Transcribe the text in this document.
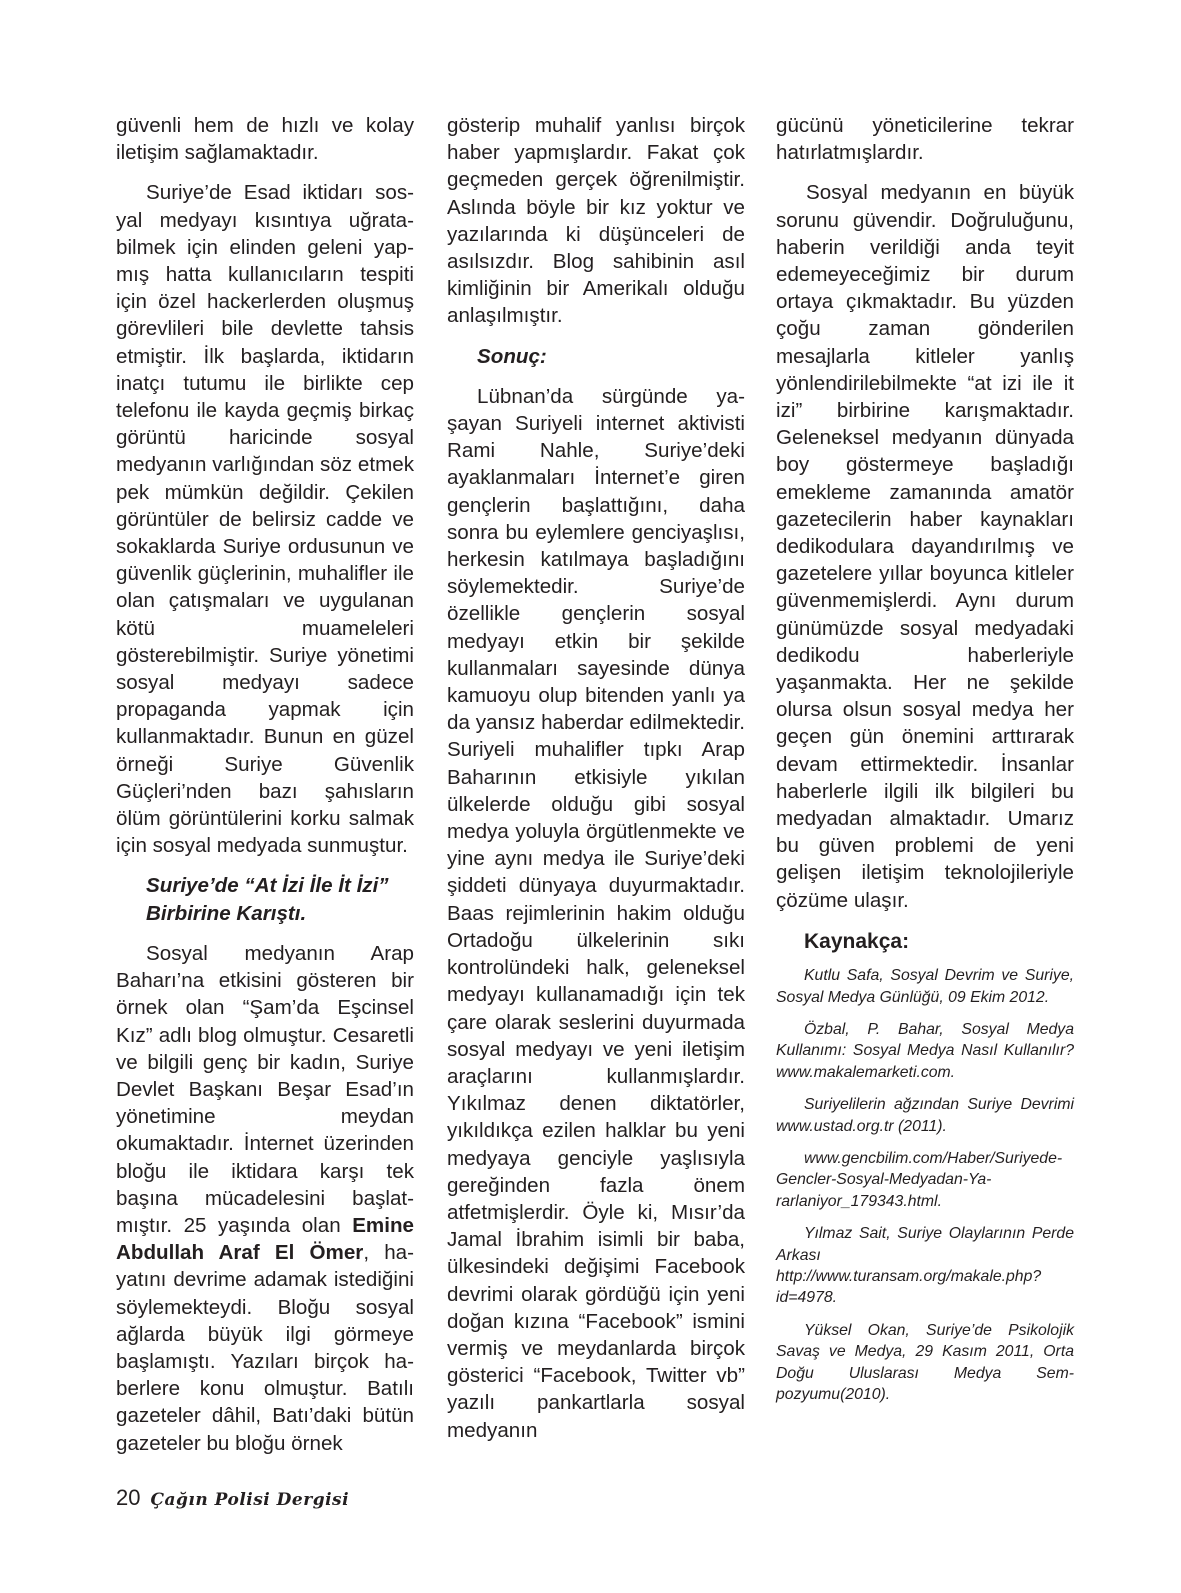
güvenli hem de hızlı ve kolay iletişim sağlamaktadır.

Suriye’de Esad iktidarı sosyal medyayı kısıntıya uğratabilmek için elinden geleni yapmış hatta kullanıcıların tespiti için özel hackerlerden oluşmuş görevlileri bile devlette tahsis etmiştir. İlk başlarda, iktidarın inatçı tutumu ile birlikte cep telefonu ile kayda geçmiş birkaç görüntü haricinde sosyal medyanın varlığından söz etmek pek mümkün değildir. Çekilen görüntüler de belirsiz cadde ve sokaklarda Suriye ordusunun ve güvenlik güçlerinin, muhalifler ile olan çatışmaları ve uygulanan kötü muameleleri gösterebilmiştir. Suriye yönetimi sosyal medyayı sadece propaganda yapmak için kullanmaktadır. Bunun en güzel örneği Suriye Güvenlik Güçleri’nden bazı şahısların ölüm görüntülerini korku salmak için sosyal medyada sunmuştur.

Suriye’de “At İzi İle İt İzi” Birbirine Karıştı.

Sosyal medyanın Arap Baharı’na etkisini gösteren bir örnek olan “Şam’da Eşcinsel Kız” adlı blog olmuştur. Cesaretli ve bilgili genç bir kadın, Suriye Devlet Başkanı Beşar Esad’ın yönetimine meydan okumaktadır. İnternet üzerinden bloğu ile iktidara karşı tek başına mücadelesini başlatmıştır. 25 yaşında olan Emine Abdullah Araf El Ömer, hayatını devrime adamak istediğini söylemekteydi. Bloğu sosyal ağlarda büyük ilgi görmeye başlamıştı. Yazıları birçok haberlere konu olmuştur. Batılı gazeteler dâhil, Batı’daki bütün gazeteler bu bloğu örnek

gösterip muhalif yanlısı birçok haber yapmışlardır. Fakat çok geçmeden gerçek öğrenilmiştir. Aslında böyle bir kız yoktur ve yazılarında ki düşünceleri de asılsızdır. Blog sahibinin asıl kimliğinin bir Amerikalı olduğu anlaşılmıştır.

Sonuç:

Lübnan’da sürgünde yaşayan Suriyeli internet aktivisti Rami Nahle, Suriye’deki ayaklanmaları İnternet’e giren gençlerin başlattığını, daha sonra bu eylemlere genciyaşlısı, herkesin katılmaya başladığını söylemektedir. Suriye’de özellikle gençlerin sosyal medyayı etkin bir şekilde kullanmaları sayesinde dünya kamuoyu olup bitenden yanlı ya da yansız haberdar edilmektedir. Suriyeli muhalifler tıpkı Arap Baharının etkisiyle yıkılan ülkelerde olduğu gibi sosyal medya yoluyla örgütlenmekte ve yine aynı medya ile Suriye’deki şiddeti dünyaya duyurmaktadır. Baas rejimlerinin hakim olduğu Ortadoğu ülkelerinin sıkı kontrolündeki halk, geleneksel medyayı kullanamadığı için tek çare olarak seslerini duyurmada sosyal medyayı ve yeni iletişim araçlarını kullanmışlardır. Yıkılmaz denen diktatörler, yıkıldıkça ezilen halklar bu yeni medyaya genciyle yaşlısıyla gereğinden fazla önem atfetmişlerdir. Öyle ki, Mısır’da Jamal İbrahim isimli bir baba, ülkesindeki değişimi Facebook devrimi olarak gördüğü için yeni doğan kızına “Facebook” ismini vermiş ve meydanlarda birçok gösterici “Facebook, Twitter vb” yazılı pankartlarla sosyal medyanın

gücünü yöneticilerine tekrar hatırlatmışlardır.

Sosyal medyanın en büyük sorunu güvendir. Doğruluğunu, haberin verildiği anda teyit edemeyeceğimiz bir durum ortaya çıkmaktadır. Bu yüzden çoğu zaman gönderilen mesajlarla kitleler yanlış yönlendirilebilmekte “at izi ile it izi” birbirine karışmaktadır. Geleneksel medyanın dünyada boy göstermeye başladığı emekleme zamanında amatör gazetecilerin haber kaynakları dedikodulara dayandırılmış ve gazetelere yıllar boyunca kitleler güvenmemişlerdi. Aynı durum günümüzde sosyal medyadaki dedikodu haberleriyle yaşanmakta. Her ne şekilde olursa olsun sosyal medya her geçen gün önemini arttırarak devam ettirmektedir. İnsanlar haberlerle ilgili ilk bilgileri bu medyadan almaktadır. Umarız bu güven problemi de yeni gelişen iletişim teknolojileriyle çözüme ulaşır.

Kaynakça:

Kutlu Safa, Sosyal Devrim ve Suriye, Sosyal Medya Günlüğü, 09 Ekim 2012.

Özbal, P. Bahar, Sosyal Medya Kullanımı: Sosyal Medya Nasıl Kullanılır? www.makalemarketi.com.

Suriyelilerin ağzından Suriye Devrimi www.ustad.org.tr (2011).

www.gencbilim.com/Haber/Suriyede-Gencler-Sosyal-Medyadan-Yararlaniyor_179343.html.

Yılmaz Sait, Suriye Olaylarının Perde Arkası http://www.turansam.org/makale.php?id=4978.

Yüksel Okan, Suriye’de Psikolojik Savaş ve Medya, 29 Kasım 2011, Orta Doğu Uluslarası Medya Sempozyumu(2010).

20 Çağın Polisi Dergisi
